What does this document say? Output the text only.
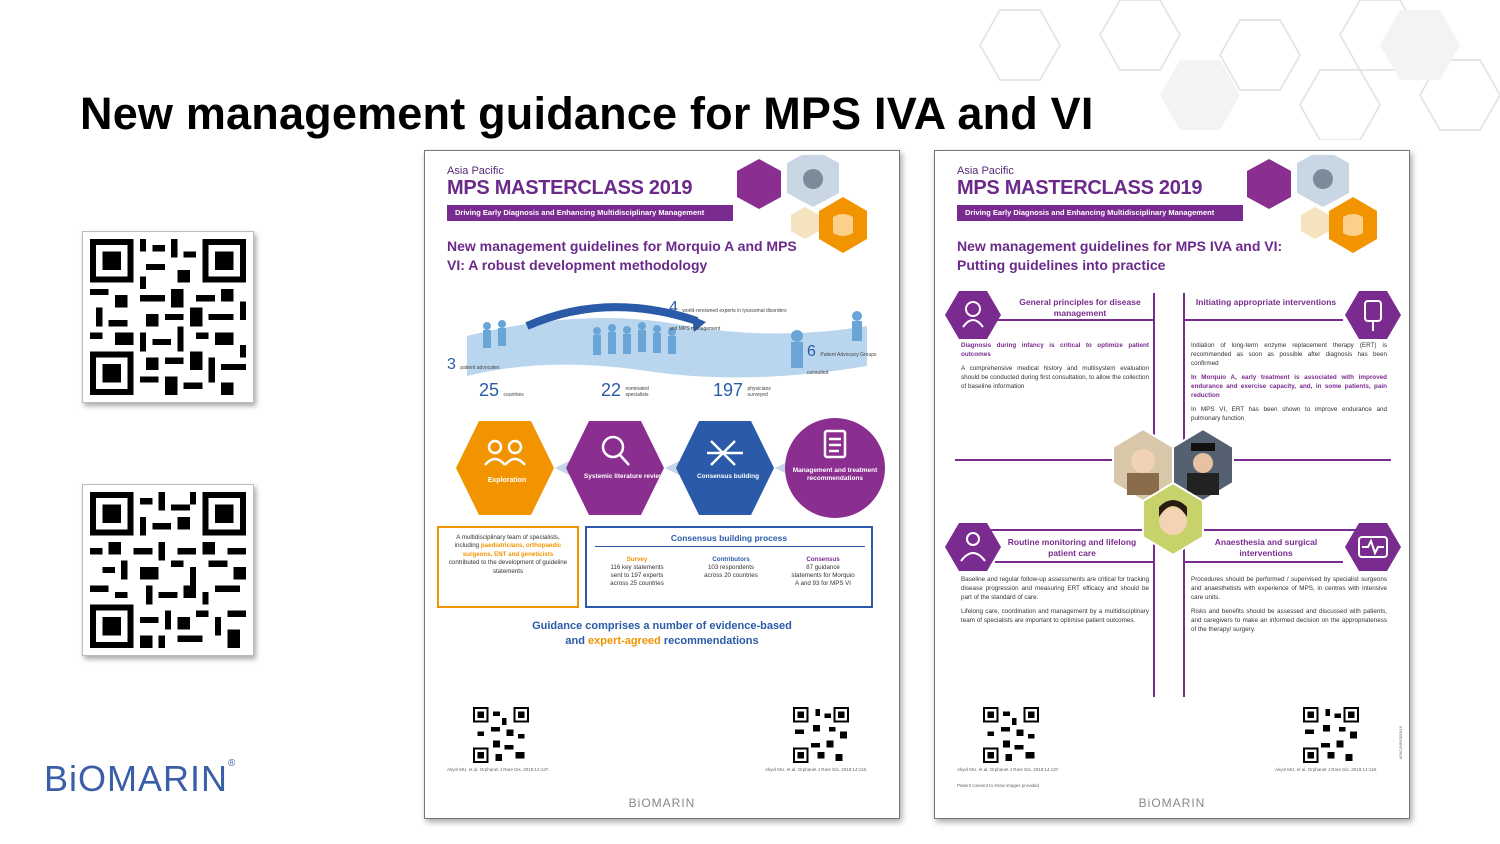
New management guidance for MPS IVA and VI
BiOMARIN®
Asia Pacific
MPS MASTERCLASS 2019
Driving Early Diagnosis and Enhancing Multidisciplinary Management
New management guidelines for Morquio A and MPS VI: A robust development methodology
4 world-renowned experts in lysosomal disorders and MPS management
3 patient advocates
25 countries	22 nominated specialists	197 physicians surveyed
6 Patient Advocacy Groups consulted
Exploration
Systemic literature review	Consensus building
Management and treatment recommendations
A multidisciplinary team of specialists, including paediatricians, orthopaedic surgeons, ENT and geneticists contributed to the development of guideline statements
Consensus building process
Survey
116 key statements
sent to 197 experts
across 25 countries
Contributors
103 respondents
across 20 countries
Consensus
87 guidance
statements for Morquio
A and 93 for MPS VI
Guidance comprises a number of evidence-based
and expert-agreed recommendations
Akyol MU, et al. Orphanet J Rare Dis. 2019;14:137.	Akyol MU, et al. Orphanet J Rare Dis. 2019;14:118.
BiOMARIN
Asia Pacific
MPS MASTERCLASS 2019
Driving Early Diagnosis and Enhancing Multidisciplinary Management
New management guidelines for MPS IVA and VI: Putting guidelines into practice
General principles for disease management
Diagnosis during infancy is critical to optimize patient outcomes
A comprehensive medical history and multisystem evaluation should be conducted during first consultation, to allow the collection of baseline information
Initiating appropriate interventions
Initiation of long-term enzyme replacement therapy (ERT) is recommended as soon as possible after diagnosis has been confirmed
In Morquio A, early treatment is associated with improved endurance and exercise capacity, and, in some patients, pain reduction
In MPS VI, ERT has been shown to improve endurance and pulmonary function
Routine monitoring and lifelong patient care
Baseline and regular follow-up assessments are critical for tracking disease progression and measuring ERT efficacy and should be part of the standard of care.
Lifelong care, coordination and management by a multidisciplinary team of specialists are important to optimise patient outcomes.
Anaesthesia and surgical interventions
Procedures should be performed / supervised by specialist surgeons and anaesthetists with experience of MPS, in centres with intensive care units.
Risks and benefits should be assessed and discussed with patients, and caregivers to make an informed decision on the appropriateness of the therapy/ surgery.
Akyol MU, et al. Orphanet J Rare Dis. 2019;14:137.	Akyol MU, et al. Orphanet J Rare Dis. 2019;14:118.
Patient consent to show images provided
APAC/MP/0059/19
BiOMARIN
